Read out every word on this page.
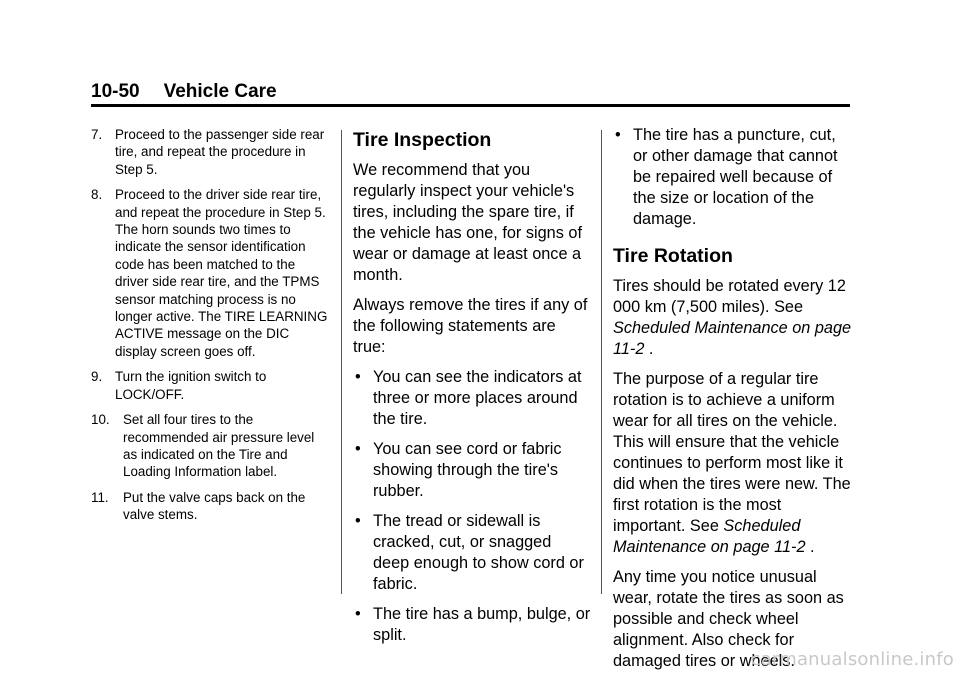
10-50 Vehicle Care
7. Proceed to the passenger side rear tire, and repeat the procedure in Step 5.
8. Proceed to the driver side rear tire, and repeat the procedure in Step 5. The horn sounds two times to indicate the sensor identification code has been matched to the driver side rear tire, and the TPMS sensor matching process is no longer active. The TIRE LEARNING ACTIVE message on the DIC display screen goes off.
9. Turn the ignition switch to LOCK/OFF.
10. Set all four tires to the recommended air pressure level as indicated on the Tire and Loading Information label.
11. Put the valve caps back on the valve stems.
Tire Inspection

We recommend that you regularly inspect your vehicle's tires, including the spare tire, if the vehicle has one, for signs of wear or damage at least once a month.

Always remove the tires if any of the following statements are true:

• You can see the indicators at three or more places around the tire.
• You can see cord or fabric showing through the tire's rubber.
• The tread or sidewall is cracked, cut, or snagged deep enough to show cord or fabric.
• The tire has a bump, bulge, or split.
• The tire has a puncture, cut, or other damage that cannot be repaired well because of the size or location of the damage.
Tire Rotation

Tires should be rotated every 12 000 km (7,500 miles). See Scheduled Maintenance on page 11-2 .

The purpose of a regular tire rotation is to achieve a uniform wear for all tires on the vehicle. This will ensure that the vehicle continues to perform most like it did when the tires were new. The first rotation is the most important. See Scheduled Maintenance on page 11-2 .

Any time you notice unusual wear, rotate the tires as soon as possible and check wheel alignment. Also check for damaged tires or wheels.

carmanualsonline.info
